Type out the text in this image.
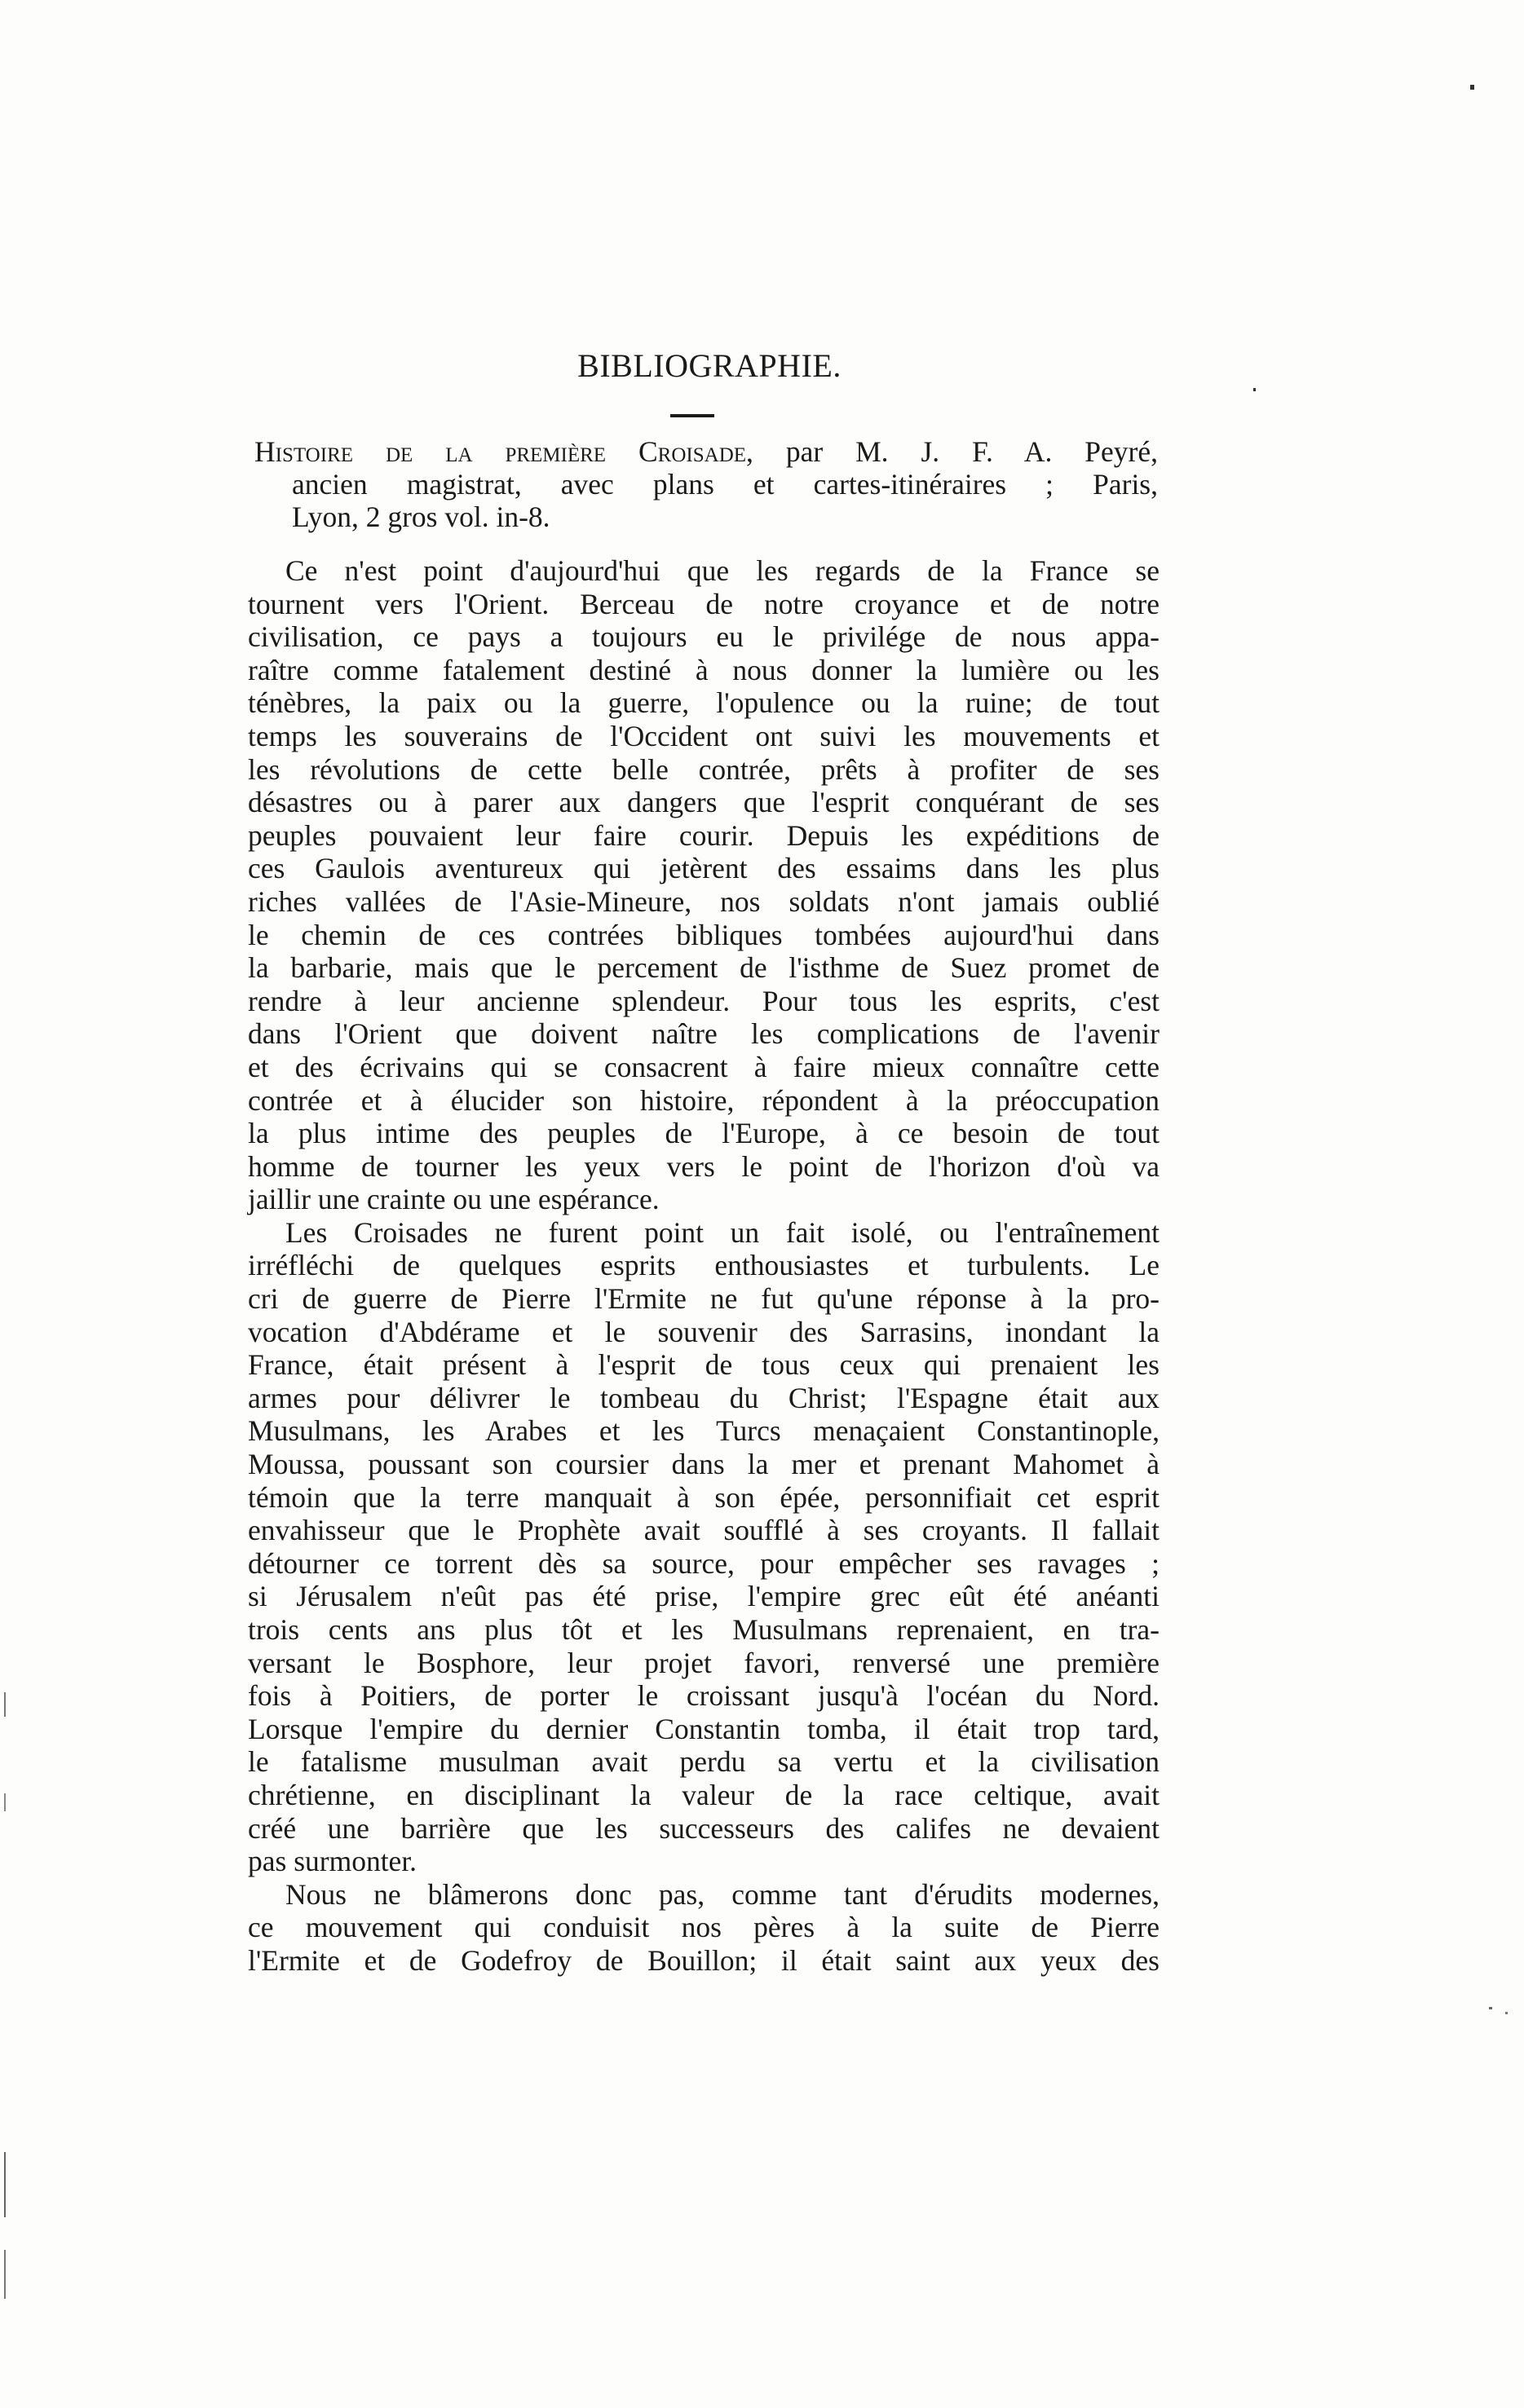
BIBLIOGRAPHIE.

Histoire de la première Croisade, par M. J. F. A. Peyré,
ancien magistrat, avec plans et cartes-itinéraires ; Paris,
Lyon, 2 gros vol. in-8.

Ce n'est point d'aujourd'hui que les regards de la France se
tournent vers l'Orient. Berceau de notre croyance et de notre
civilisation, ce pays a toujours eu le privilége de nous appa-
raître comme fatalement destiné à nous donner la lumière ou les
ténèbres, la paix ou la guerre, l'opulence ou la ruine; de tout
temps les souverains de l'Occident ont suivi les mouvements et
les révolutions de cette belle contrée, prêts à profiter de ses
désastres ou à parer aux dangers que l'esprit conquérant de ses
peuples pouvaient leur faire courir. Depuis les expéditions de
ces Gaulois aventureux qui jetèrent des essaims dans les plus
riches vallées de l'Asie-Mineure, nos soldats n'ont jamais oublié
le chemin de ces contrées bibliques tombées aujourd'hui dans
la barbarie, mais que le percement de l'isthme de Suez promet de
rendre à leur ancienne splendeur. Pour tous les esprits, c'est
dans l'Orient que doivent naître les complications de l'avenir
et des écrivains qui se consacrent à faire mieux connaître cette
contrée et à élucider son histoire, répondent à la préoccupation
la plus intime des peuples de l'Europe, à ce besoin de tout
homme de tourner les yeux vers le point de l'horizon d'où va
jaillir une crainte ou une espérance.

Les Croisades ne furent point un fait isolé, ou l'entraînement
irréfléchi de quelques esprits enthousiastes et turbulents. Le
cri de guerre de Pierre l'Ermite ne fut qu'une réponse à la pro-
vocation d'Abdérame et le souvenir des Sarrasins, inondant la
France, était présent à l'esprit de tous ceux qui prenaient les
armes pour délivrer le tombeau du Christ; l'Espagne était aux
Musulmans, les Arabes et les Turcs menaçaient Constantinople,
Moussa, poussant son coursier dans la mer et prenant Mahomet à
témoin que la terre manquait à son épée, personnifiait cet esprit
envahisseur que le Prophète avait soufflé à ses croyants. Il fallait
détourner ce torrent dès sa source, pour empêcher ses ravages ;
si Jérusalem n'eût pas été prise, l'empire grec eût été anéanti
trois cents ans plus tôt et les Musulmans reprenaient, en tra-
versant le Bosphore, leur projet favori, renversé une première
fois à Poitiers, de porter le croissant jusqu'à l'océan du Nord.
Lorsque l'empire du dernier Constantin tomba, il était trop tard,
le fatalisme musulman avait perdu sa vertu et la civilisation
chrétienne, en disciplinant la valeur de la race celtique, avait
créé une barrière que les successeurs des califes ne devaient
pas surmonter.

Nous ne blâmerons donc pas, comme tant d'érudits modernes,
ce mouvement qui conduisit nos pères à la suite de Pierre
l'Ermite et de Godefroy de Bouillon; il était saint aux yeux des
